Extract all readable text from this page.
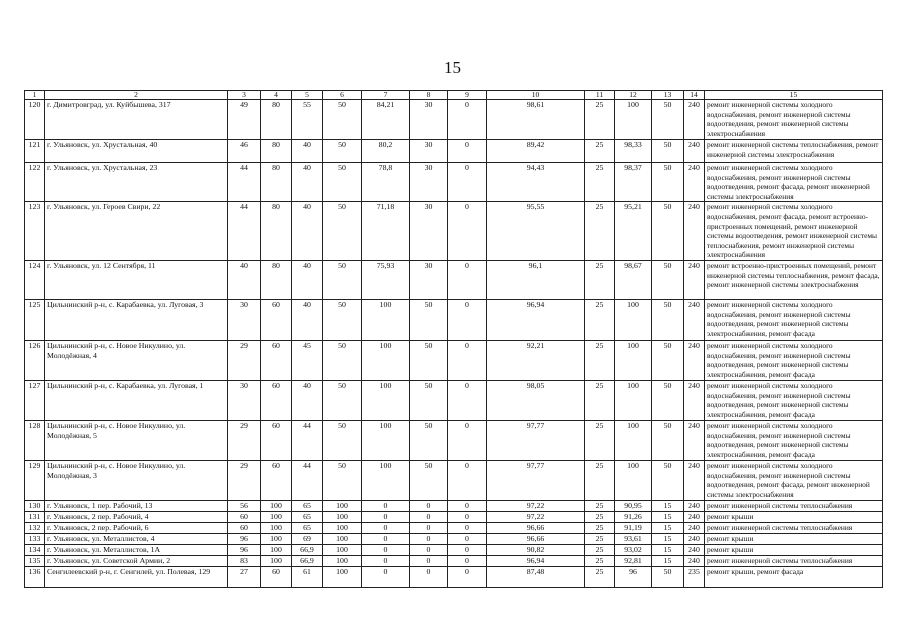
15
1	2	3	4	5	6	7	8	9	10	11	12	13	14	15
120	г. Димитровград, ул. Куйбышева, 317	49	80	55	50	84,21	30	0	98,61	25	100	50	240	ремонт инженерной системы холодного водоснабжения, ремонт инженерной системы водоотведения, ремонт инженерной системы электроснабжения
121	г. Ульяновск, ул. Хрустальная, 40	46	80	40	50	80,2	30	0	89,42	25	98,33	50	240	ремонт инженерной системы теплоснабжения, ремонт инженерной системы электроснабжения
122	г. Ульяновск, ул. Хрустальная, 23	44	80	40	50	78,8	30	0	94,43	25	98,37	50	240	ремонт инженерной системы холодного водоснабжения, ремонт инженерной системы водоотведения, ремонт фасада, ремонт инженерной системы электроснабжения
123	г. Ульяновск, ул. Героев Свири, 22	44	80	40	50	71,18	30	0	95,55	25	95,21	50	240	ремонт инженерной системы холодного водоснабжения, ремонт фасада, ремонт встроенно-пристроенных помещений, ремонт инженерной системы водоотведения, ремонт инженерной системы теплоснабжения, ремонт инженерной системы электроснабжения
124	г. Ульяновск, ул. 12 Сентября, 11	40	80	40	50	75,93	30	0	96,1	25	98,67	50	240	ремонт встроенно-пристроенных помещений, ремонт инженерной системы теплоснабжения, ремонт фасада, ремонт инженерной системы электроснабжения
125	Цильнинский р-н, с. Карабаевка, ул. Луговая, 3	30	60	40	50	100	50	0	96,94	25	100	50	240	ремонт инженерной системы холодного водоснабжения, ремонт инженерной системы водоотведения, ремонт инженерной системы электроснабжения, ремонт фасада
126	Цильнинский р-н, с. Новое Никулино, ул. Молодёжная, 4	29	60	45	50	100	50	0	92,21	25	100	50	240	ремонт инженерной системы холодного водоснабжения, ремонт инженерной системы водоотведения, ремонт инженерной системы электроснабжения, ремонт фасада
127	Цильнинский р-н, с. Карабаевка, ул. Луговая, 1	30	60	40	50	100	50	0	98,05	25	100	50	240	ремонт инженерной системы холодного водоснабжения, ремонт инженерной системы водоотведения, ремонт инженерной системы электроснабжения, ремонт фасада
128	Цильнинский р-н, с. Новое Никулино, ул. Молодёжная, 5	29	60	44	50	100	50	0	97,77	25	100	50	240	ремонт инженерной системы холодного водоснабжения, ремонт инженерной системы водоотведения, ремонт инженерной системы электроснабжения, ремонт фасада
129	Цильнинский р-н, с. Новое Никулино, ул. Молодёжная, 3	29	60	44	50	100	50	0	97,77	25	100	50	240	ремонт инженерной системы холодного водоснабжения, ремонт инженерной системы водоотведения, ремонт фасада, ремонт инженерной системы электроснабжения
130	г. Ульяновск, 1 пер. Рабочий, 13	56	100	65	100	0	0	0	97,22	25	90,95	15	240	ремонт инженерной системы теплоснабжения
131	г. Ульяновск, 2 пер. Рабочий, 4	60	100	65	100	0	0	0	97,22	25	91,26	15	240	ремонт крыши
132	г. Ульяновск, 2 пер. Рабочий, 6	60	100	65	100	0	0	0	96,66	25	91,19	15	240	ремонт инженерной системы теплоснабжения
133	г. Ульяновск, ул. Металлистов, 4	96	100	69	100	0	0	0	96,66	25	93,61	15	240	ремонт крыши
134	г. Ульяновск, ул. Металлистов, 1А	96	100	66,9	100	0	0	0	90,82	25	93,02	15	240	ремонт крыши
135	г. Ульяновск, ул. Советской Армии, 2	83	100	66,9	100	0	0	0	96,94	25	92,81	15	240	ремонт инженерной системы теплоснабжения
136	Сенгилеевский р-н, г. Сенгилей, ул. Полевая, 129	27	60	61	100	0	0	0	87,48	25	96	50	235	ремонт крыши, ремонт фасада
